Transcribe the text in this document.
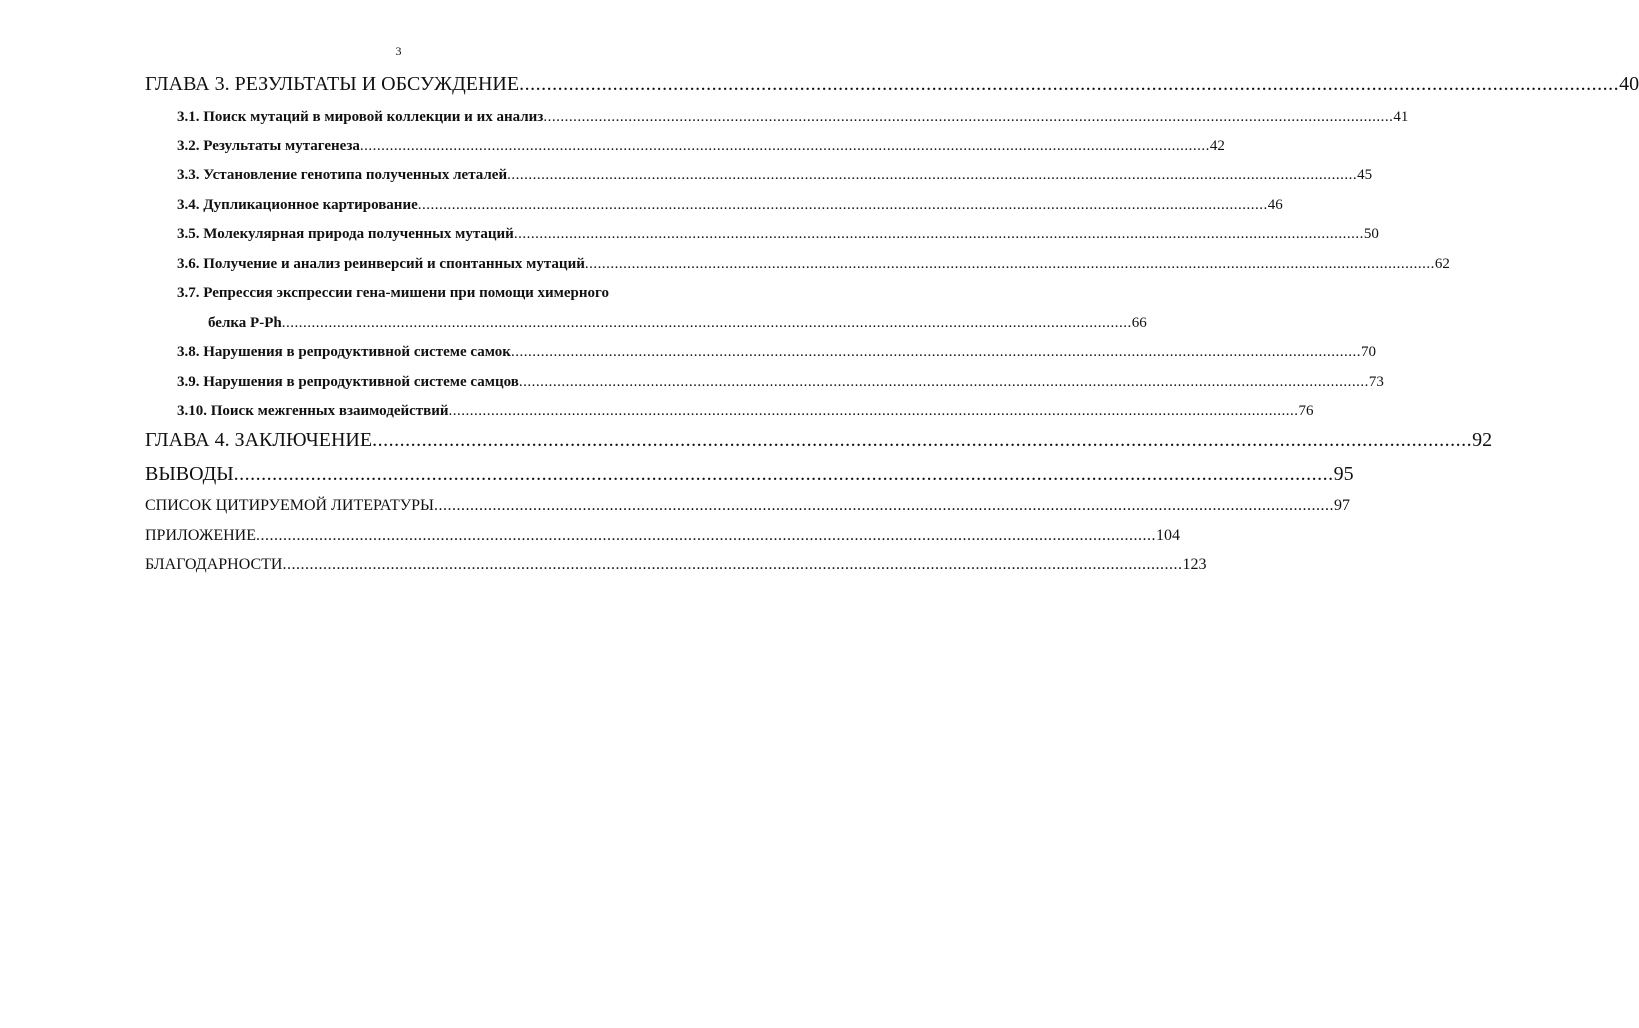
3
ГЛАВА 3. РЕЗУЛЬТАТЫ И ОБСУЖДЕНИЕ ........................................................................................................................................................................................................ 40
3.1. Поиск мутаций в мировой коллекции и их анализ ........................................................................................................................................................................................................ 41
3.2. Результаты мутагенеза ........................................................................................................................................................................................................ 42
3.3. Установление генотипа полученных леталей ........................................................................................................................................................................................................ 45
3.4. Дупликационное картирование ........................................................................................................................................................................................................ 46
3.5. Молекулярная природа полученных мутаций ........................................................................................................................................................................................................ 50
3.6. Получение и анализ реинверсий и спонтанных мутаций ........................................................................................................................................................................................................ 62
3.7. Репрессия экспрессии гена-мишени при помощи химерного
белка P-Ph ........................................................................................................................................................................................................ 66
3.8. Нарушения в репродуктивной системе самок ........................................................................................................................................................................................................ 70
3.9. Нарушения в репродуктивной системе самцов ........................................................................................................................................................................................................ 73
3.10. Поиск межгенных взаимодействий ........................................................................................................................................................................................................ 76
ГЛАВА 4. ЗАКЛЮЧЕНИЕ ........................................................................................................................................................................................................ 92
ВЫВОДЫ ........................................................................................................................................................................................................ 95
СПИСОК ЦИТИРУЕМОЙ ЛИТЕРАТУРЫ ........................................................................................................................................................................................................ 97
ПРИЛОЖЕНИЕ ........................................................................................................................................................................................................ 104
БЛАГОДАРНОСТИ ........................................................................................................................................................................................................ 123
